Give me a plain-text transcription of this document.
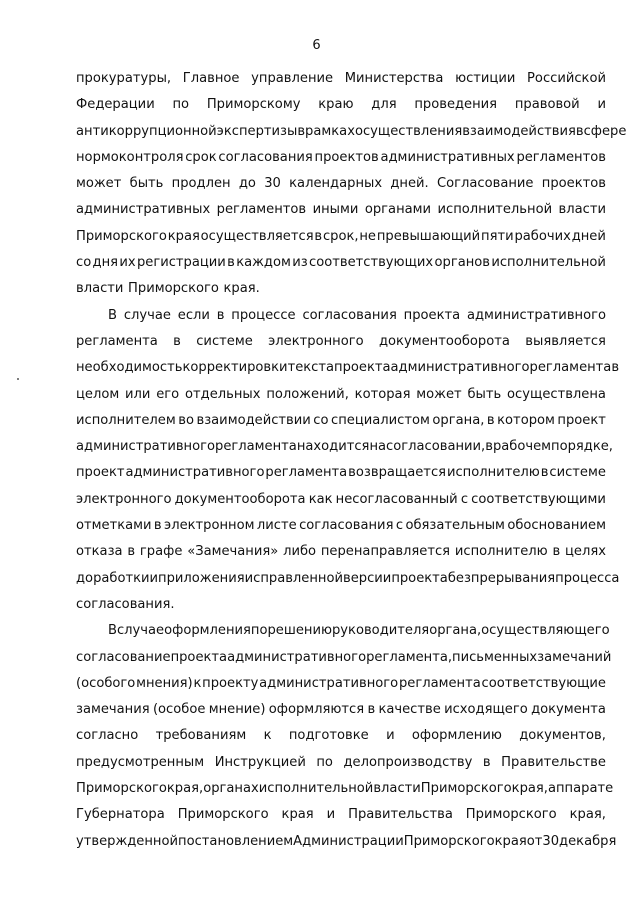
6
прокуратуры, Главное управление Министерства юстиции Российской
Федерации по Приморскому краю для проведения правовой и
антикоррупционной экспертизы в рамках осуществления взаимодействия в сфере
нормоконтроля срок согласования проектов административных регламентов
может быть продлен до 30 календарных дней. Согласование проектов
административных регламентов иными органами исполнительной власти
Приморского края осуществляется в срок, не превышающий пяти рабочих дней
со дня их регистрации в каждом из соответствующих органов исполнительной
власти Приморского края.
В случае если в процессе согласования проекта административного
регламента в системе электронного документооборота выявляется
необходимость корректировки текста проекта административного регламента в
целом или его отдельных положений, которая может быть осуществлена
исполнителем во взаимодействии со специалистом органа, в котором проект
административного регламента находится на согласовании, в рабочем порядке,
проект административного регламента возвращается исполнителю в системе
электронного документооборота как несогласованный с соответствующими
отметками в электронном листе согласования с обязательным обоснованием
отказа в графе «Замечания» либо перенаправляется исполнителю в целях
доработки и приложения исправленной версии проекта без прерывания процесса
согласования.
В случае оформления по решению руководителя органа, осуществляющего
согласование проекта административного регламента, письменных замечаний
(особого мнения) к проекту административного регламента соответствующие
замечания (особое мнение) оформляются в качестве исходящего документа
согласно требованиям к подготовке и оформлению документов,
предусмотренным Инструкцией по делопроизводству в Правительстве
Приморского края, органах исполнительной власти Приморского края, аппарате
Губернатора Приморского края и Правительства Приморского края,
утвержденной постановлением Администрации Приморского края от 30 декабря
